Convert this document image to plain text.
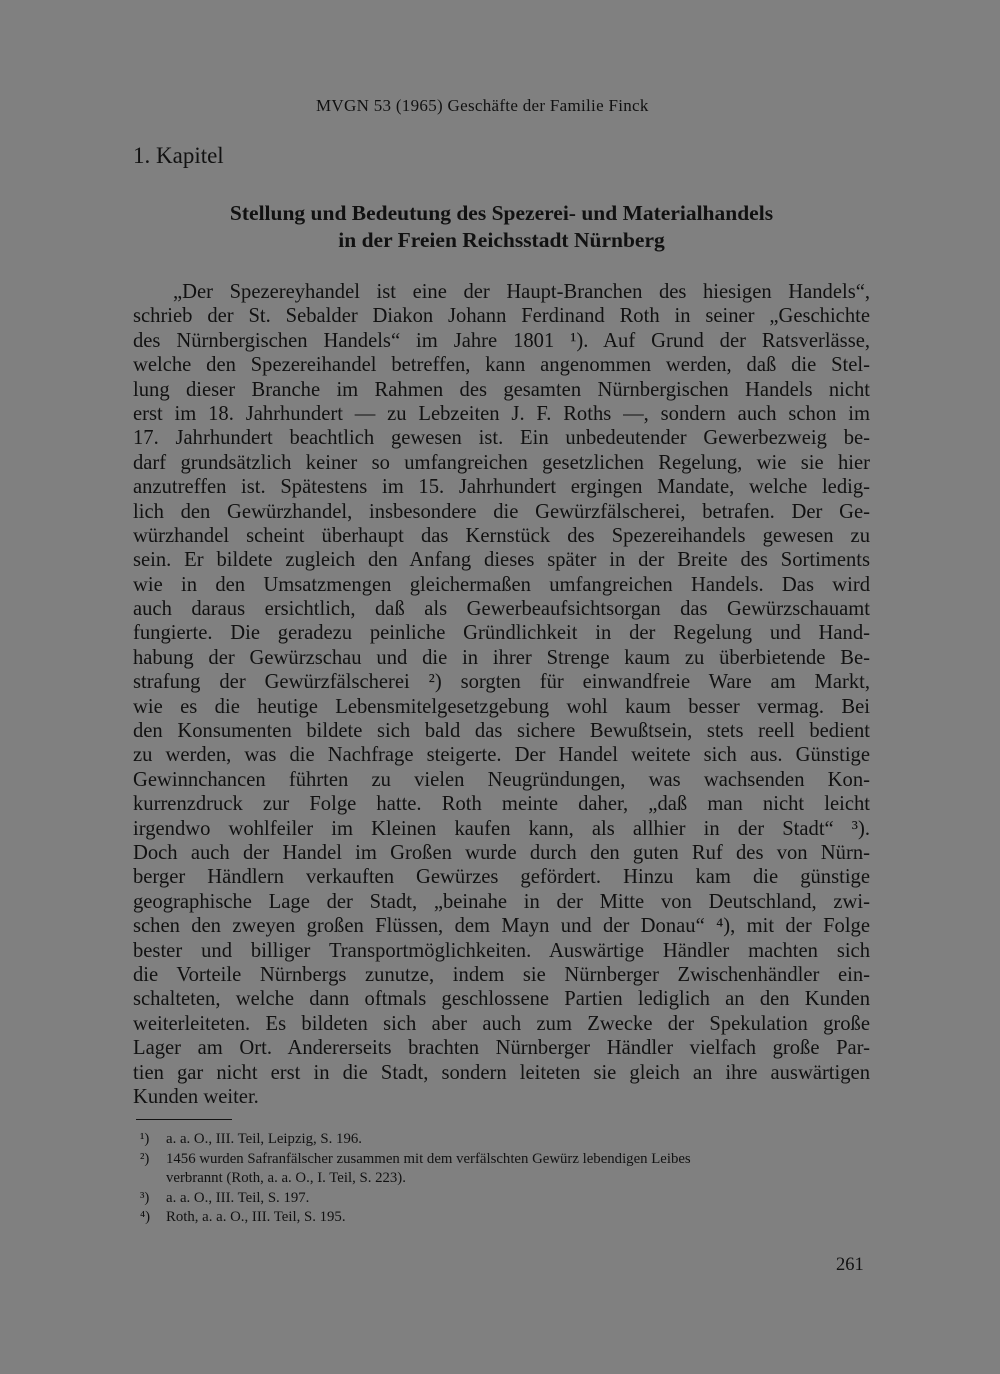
MVGN 53 (1965) Geschäfte der Familie Finck
1. Kapitel
Stellung und Bedeutung des Spezerei- und Materialhandels
in der Freien Reichsstadt Nürnberg
„Der Spezereyhandel ist eine der Haupt-Branchen des hiesigen Handels“,
schrieb der St. Sebalder Diakon Johann Ferdinand Roth in seiner „Geschichte
des Nürnbergischen Handels“ im Jahre 1801 ¹). Auf Grund der Ratsverlässe,
welche den Spezereihandel betreffen, kann angenommen werden, daß die Stel-
lung dieser Branche im Rahmen des gesamten Nürnbergischen Handels nicht
erst im 18. Jahrhundert — zu Lebzeiten J. F. Roths —, sondern auch schon im
17. Jahrhundert beachtlich gewesen ist. Ein unbedeutender Gewerbezweig be-
darf grundsätzlich keiner so umfangreichen gesetzlichen Regelung, wie sie hier
anzutreffen ist. Spätestens im 15. Jahrhundert ergingen Mandate, welche ledig-
lich den Gewürzhandel, insbesondere die Gewürzfälscherei, betrafen. Der Ge-
würzhandel scheint überhaupt das Kernstück des Spezereihandels gewesen zu
sein. Er bildete zugleich den Anfang dieses später in der Breite des Sortiments
wie in den Umsatzmengen gleichermaßen umfangreichen Handels. Das wird
auch daraus ersichtlich, daß als Gewerbeaufsichtsorgan das Gewürzschauamt
fungierte. Die geradezu peinliche Gründlichkeit in der Regelung und Hand-
habung der Gewürzschau und die in ihrer Strenge kaum zu überbietende Be-
strafung der Gewürzfälscherei ²) sorgten für einwandfreie Ware am Markt,
wie es die heutige Lebensmitelgesetzgebung wohl kaum besser vermag. Bei
den Konsumenten bildete sich bald das sichere Bewußtsein, stets reell bedient
zu werden, was die Nachfrage steigerte. Der Handel weitete sich aus. Günstige
Gewinnchancen führten zu vielen Neugründungen, was wachsenden Kon-
kurrenzdruck zur Folge hatte. Roth meinte daher, „daß man nicht leicht
irgendwo wohlfeiler im Kleinen kaufen kann, als allhier in der Stadt“ ³).
Doch auch der Handel im Großen wurde durch den guten Ruf des von Nürn-
berger Händlern verkauften Gewürzes gefördert. Hinzu kam die günstige
geographische Lage der Stadt, „beinahe in der Mitte von Deutschland, zwi-
schen den zweyen großen Flüssen, dem Mayn und der Donau“ ⁴), mit der Folge
bester und billiger Transportmöglichkeiten. Auswärtige Händler machten sich
die Vorteile Nürnbergs zunutze, indem sie Nürnberger Zwischenhändler ein-
schalteten, welche dann oftmals geschlossene Partien lediglich an den Kunden
weiterleiteten. Es bildeten sich aber auch zum Zwecke der Spekulation große
Lager am Ort. Andererseits brachten Nürnberger Händler vielfach große Par-
tien gar nicht erst in die Stadt, sondern leiteten sie gleich an ihre auswärtigen
Kunden weiter.
¹)	a. a. O., III. Teil, Leipzig, S. 196.
²)	1456 wurden Safranfälscher zusammen mit dem verfälschten Gewürz lebendigen Leibes
verbrannt (Roth, a. a. O., I. Teil, S. 223).
³)	a. a. O., III. Teil, S. 197.
⁴)	Roth, a. a. O., III. Teil, S. 195.
261
